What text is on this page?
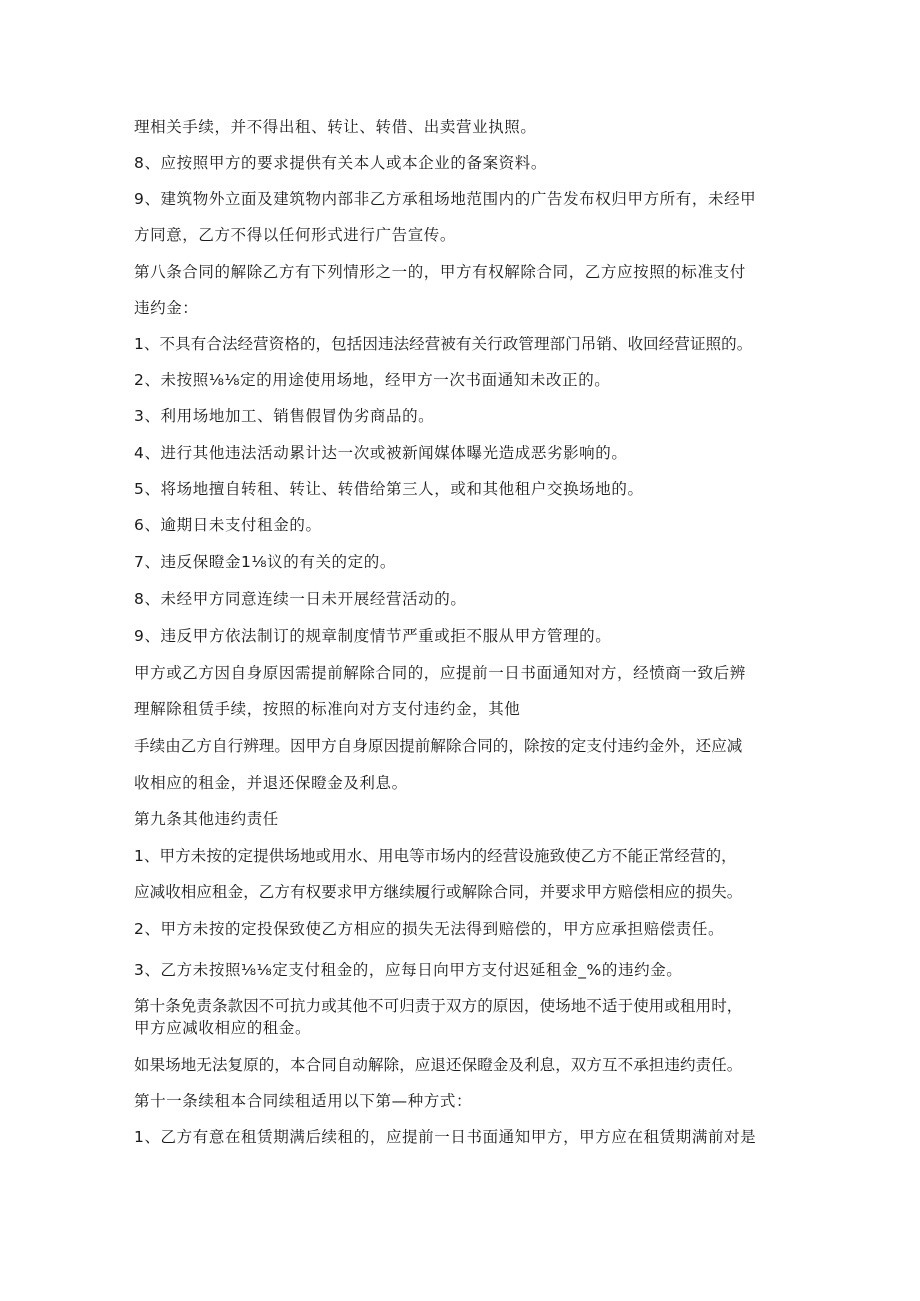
理相关手续，并不得出租、转让、转借、出卖营业执照。
8、应按照甲方的要求提供有关本人或本企业的备案资料。
9、建筑物外立面及建筑物内部非乙方承租场地范围内的广告发布权归甲方所有，未经甲
方同意，乙方不得以任何形式进行广告宣传。
第八条合同的解除乙方有下列情形之一的，甲方有权解除合同，乙方应按照的标准支付
违约金：
1、不具有合法经营资格的，包括因违法经营被有关行政管理部门吊销、收回经营证照的。
2、未按照⅛⅛定的用途使用场地，经甲方一次书面通知未改正的。
3、利用场地加工、销售假冒伪劣商品的。
4、进行其他违法活动累计达一次或被新闻媒体曝光造成恶劣影响的。
5、将场地擅自转租、转让、转借给第三人，或和其他租户交换场地的。
6、逾期日未支付租金的。
7、违反保瞪金1⅛议的有关的定的。
8、未经甲方同意连续一日未开展经营活动的。
9、违反甲方依法制订的规章制度情节严重或拒不服从甲方管理的。
甲方或乙方因自身原因需提前解除合同的，应提前一日书面通知对方，经愤商一致后辨
理解除租赁手续，按照的标准向对方支付违约金，其他
手续由乙方自行辨理。因甲方自身原因提前解除合同的，除按的定支付违约金外，还应减
收相应的租金，并退还保瞪金及利息。
第九条其他违约责任
1、甲方未按的定提供场地或用水、用电等市场内的经营设施致使乙方不能正常经营的，
应减收相应租金，乙方有权要求甲方继续履行或解除合同，并要求甲方赔偿相应的损失。
2、甲方未按的定投保致使乙方相应的损失无法得到赔偿的，甲方应承担赔偿责任。
3、乙方未按照⅛⅛定支付租金的，应每日向甲方支付迟延租金_%的违约金。
第十条免责条款因不可抗力或其他不可归责于双方的原因，使场地不适于使用或租用时，
甲方应减收相应的租金。
如果场地无法复原的，本合同自动解除，应退还保瞪金及利息，双方互不承担违约责任。
第十一条续租本合同续租适用以下第—种方式：
1、乙方有意在租赁期满后续租的，应提前一日书面通知甲方，甲方应在租赁期满前对是
